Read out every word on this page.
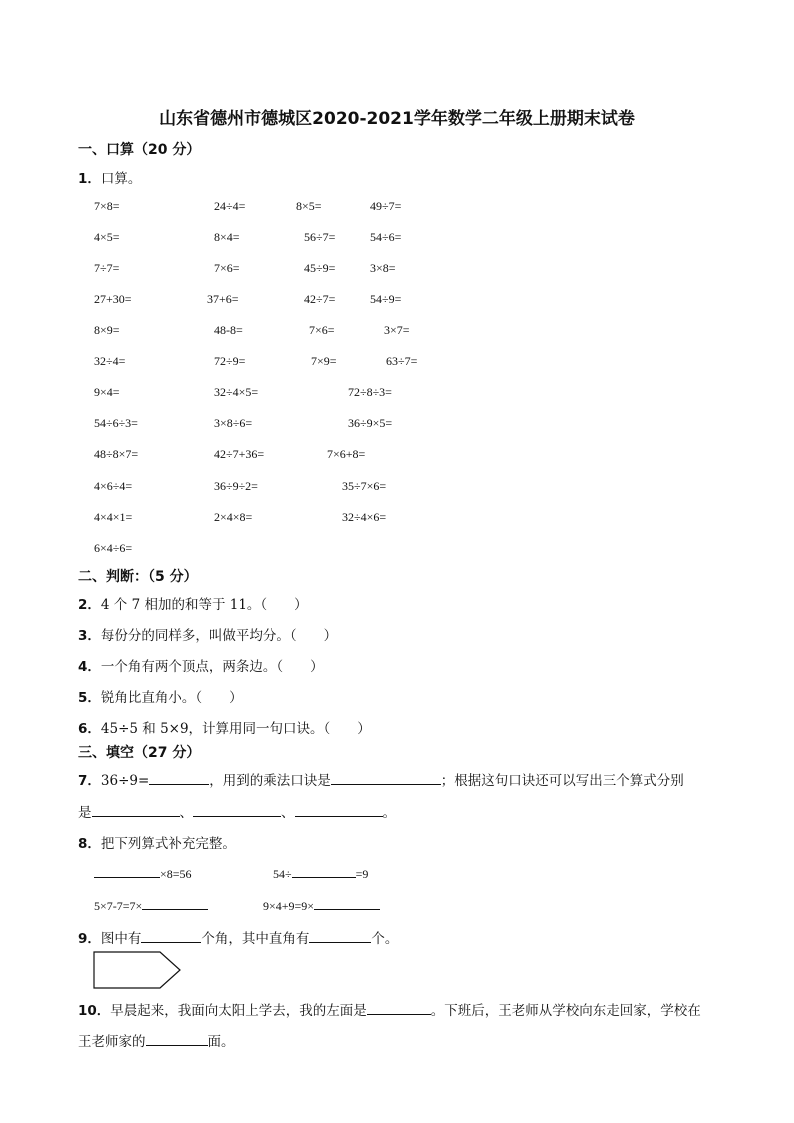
山东省德州市德城区2020-2021学年数学二年级上册期末试卷
一、口算（20 分）
1．口算。
7×8=	24÷4=	8×5=	49÷7=
4×5=	8×4=	56÷7=	54÷6=
7÷7=	7×6=	45÷9=	3×8=
27+30=	37+6=	42÷7=	54÷9=
8×9=	48-8=	7×6=	3×7=
32÷4=	72÷9=	7×9=	63÷7=
9×4=	32÷4×5=	72÷8÷3=
54÷6÷3=	3×8÷6=	36÷9×5=
48÷8×7=	42÷7+36=	7×6+8=
4×6÷4=	36÷9÷2=	35÷7×6=
4×4×1=	2×4×8=	32÷4×6=
6×4÷6=
二、判断：（5 分）
2．4 个 7 相加的和等于 11。（　　）
3．每份分的同样多，叫做平均分。（　　）
4．一个角有两个顶点，两条边。（　　）
5．锐角比直角小。（　　）
6．45÷5 和 5×9，计算用同一句口诀。（　　）
三、填空（27 分）
7．36÷9=	，用到的乘法口诀是	；根据这句口诀还可以写出三个算式分别
是	、	、	。
8．把下列算式补充完整。
×8=56	54÷	=9
5×7-7=7×	9×4+9=9×
9．图中有	个角，其中直角有	个。
10．早晨起来，我面向太阳上学去，我的左面是	。下班后，王老师从学校向东走回家，学校在
王老师家的	面。
